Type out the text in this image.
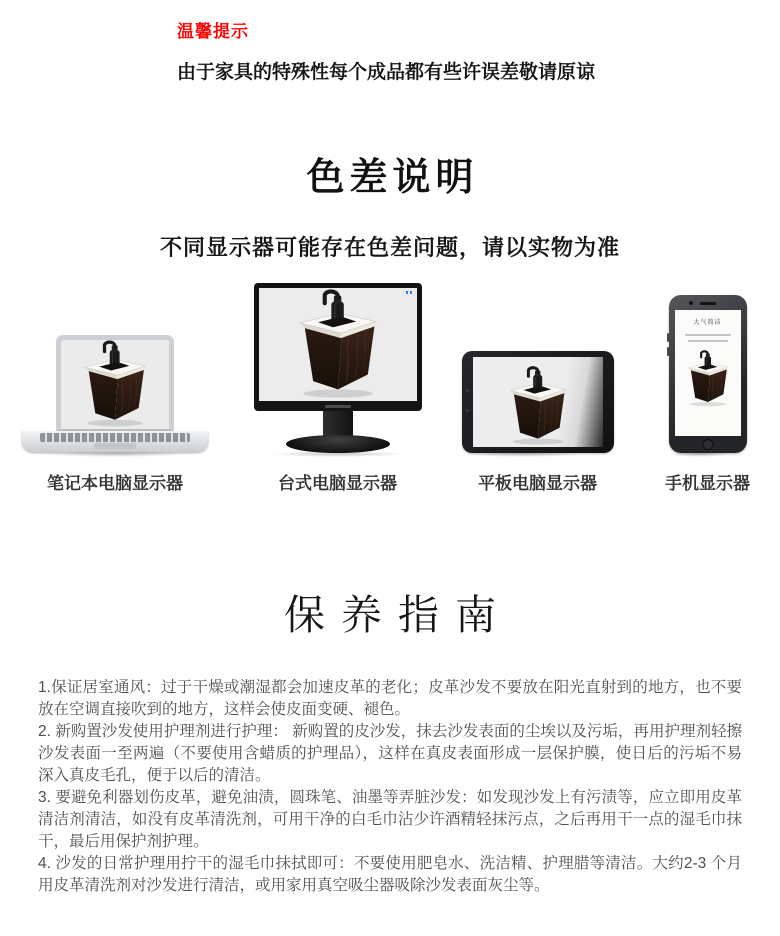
温馨提示
由于家具的特殊性每个成品都有些许误差敬请原谅
色差说明
不同显示器可能存在色差问题，请以实物为准
笔记本电脑显示器	台式电脑显示器	平板电脑显示器
大气简洁
手机显示器
保养指南

1.保证居室通风：过于干燥或潮湿都会加速皮革的老化；皮革沙发不要放在阳光直射到的地方，也不要放在空调直接吹到的地方，这样会使皮面变硬、褪色。

2. 新购置沙发使用护理剂进行护理： 新购置的皮沙发，抹去沙发表面的尘埃以及污垢，再用护理剂轻擦沙发表面一至两遍（不要使用含蜡质的护理品），这样在真皮表面形成一层保护膜，使日后的污垢不易深入真皮毛孔，便于以后的清洁。

3. 要避免利器划伤皮革，避免油渍，圆珠笔、油墨等弄脏沙发：如发现沙发上有污渍等，应立即用皮革清洁剂清洁，如没有皮革清洗剂，可用干净的白毛巾沾少许酒精轻抹污点，之后再用干一点的湿毛巾抹干，最后用保护剂护理。

4. 沙发的日常护理用拧干的湿毛巾抹拭即可：不要使用肥皂水、洗洁精、护理腊等清洁。大约2-3 个月用皮革清洗剂对沙发进行清洁，或用家用真空吸尘器吸除沙发表面灰尘等。
